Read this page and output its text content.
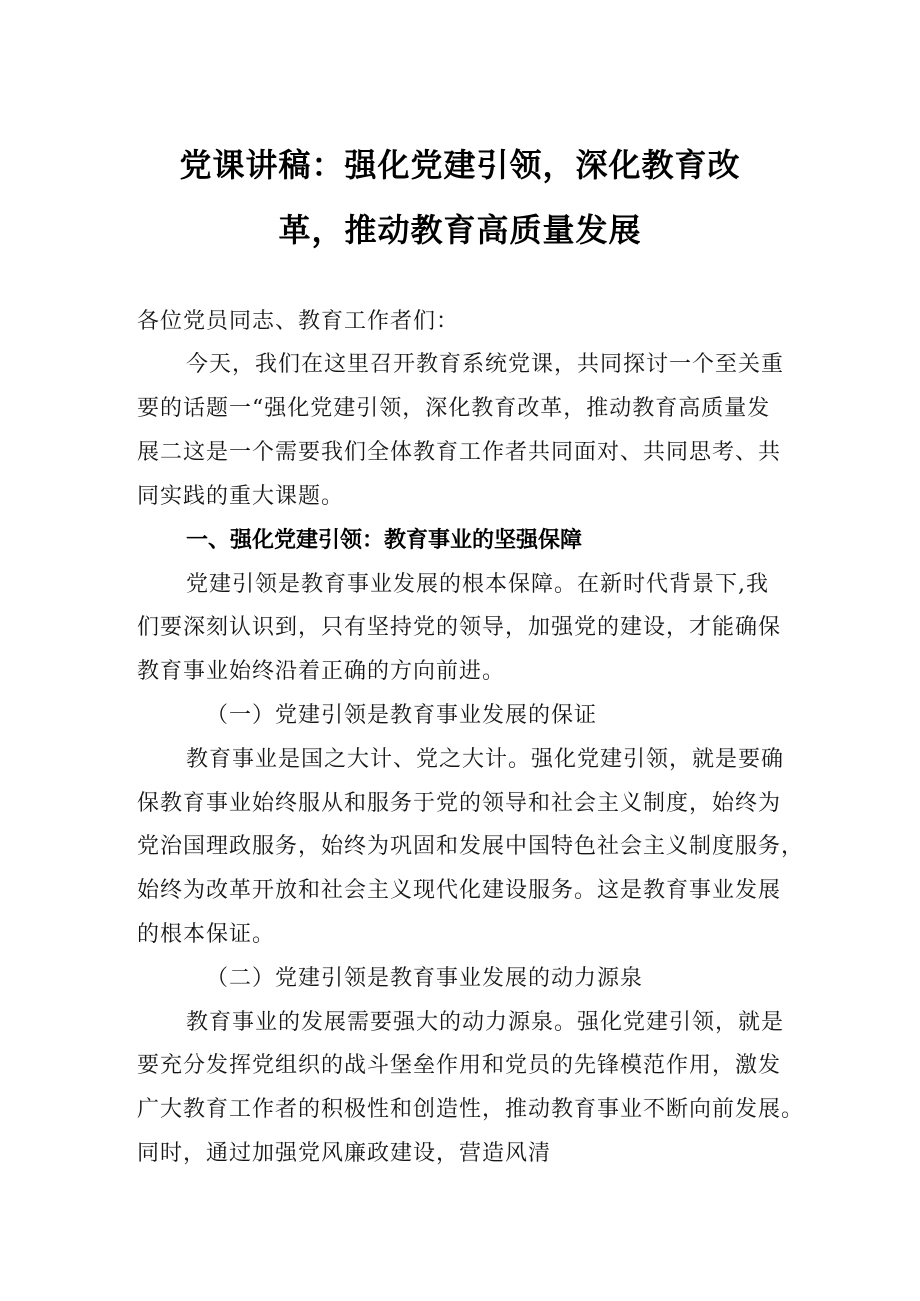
党课讲稿：强化党建引领，深化教育改
革，推动教育高质量发展
各位党员同志、教育工作者们：
今天，我们在这里召开教育系统党课，共同探讨一个至关重
要的话题一“强化党建引领，深化教育改革，推动教育高质量发
展二这是一个需要我们全体教育工作者共同面对、共同思考、共
同实践的重大课题。
一、强化党建引领：教育事业的坚强保障
党建引领是教育事业发展的根本保障。在新时代背景下,我
们要深刻认识到，只有坚持党的领导，加强党的建设，才能确保
教育事业始终沿着正确的方向前进。
（一）党建引领是教育事业发展的保证
教育事业是国之大计、党之大计。强化党建引领，就是要确
保教育事业始终服从和服务于党的领导和社会主义制度，始终为
党治国理政服务，始终为巩固和发展中国特色社会主义制度服务，
始终为改革开放和社会主义现代化建设服务。这是教育事业发展
的根本保证。
（二）党建引领是教育事业发展的动力源泉
教育事业的发展需要强大的动力源泉。强化党建引领，就是
要充分发挥党组织的战斗堡垒作用和党员的先锋模范作用，激发
广大教育工作者的积极性和创造性，推动教育事业不断向前发展。
同时，通过加强党风廉政建设，营造风清
